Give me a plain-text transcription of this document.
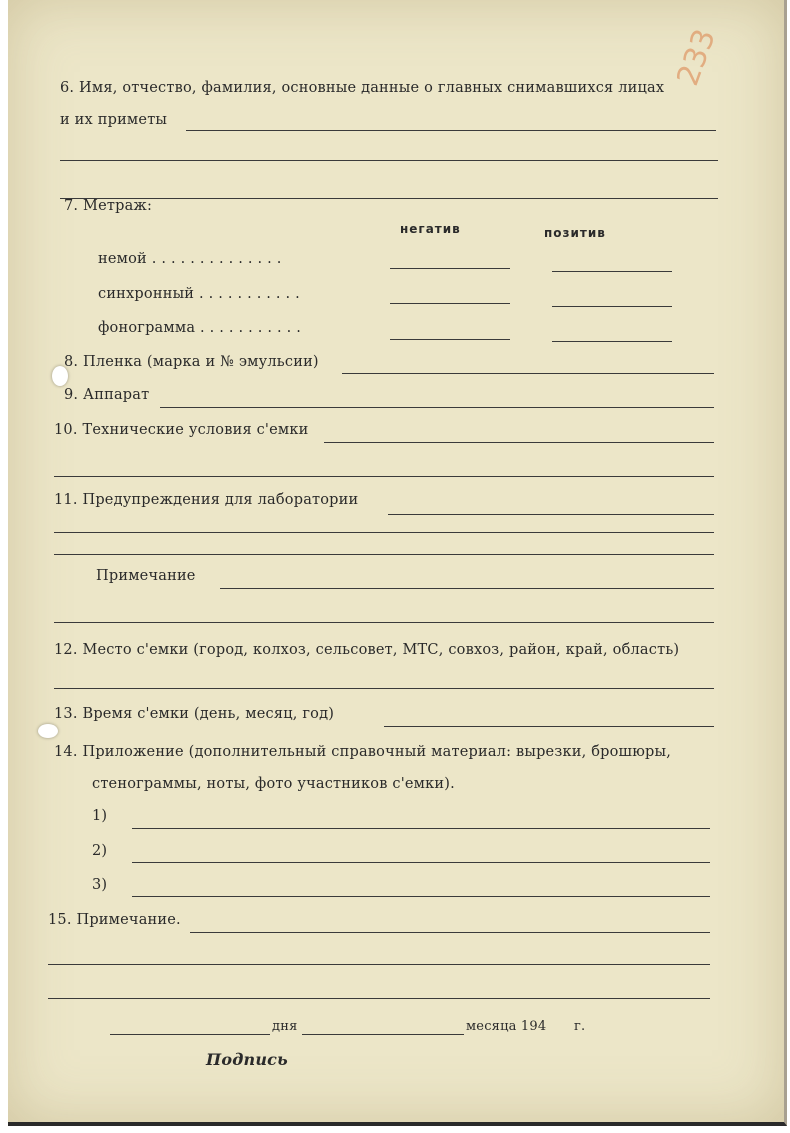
233
6. Имя, отчество, фамилия, основные данные о главных снимавшихся лицах
и их приметы
7. Метраж:
негатив	позитив
немой . . . . . . . . . . . . . .
синхронный . . . . . . . . . . .
фонограмма . . . . . . . . . . .
8. Пленка (марка и № эмульсии)
9. Аппарат
10. Технические условия с'емки
11. Предупреждения для лаборатории
Примечание
12. Место с'емки (город, колхоз, сельсовет, МТС, совхоз, район, край, область)
13. Время с'емки (день, месяц, год)
14. Приложение (дополнительный справочный материал: вырезки, брошюры,
стенограммы, ноты, фото участников с'емки).
1)
2)
3)
15. Примечание.
дня	месяца 194 г.
Подпись
